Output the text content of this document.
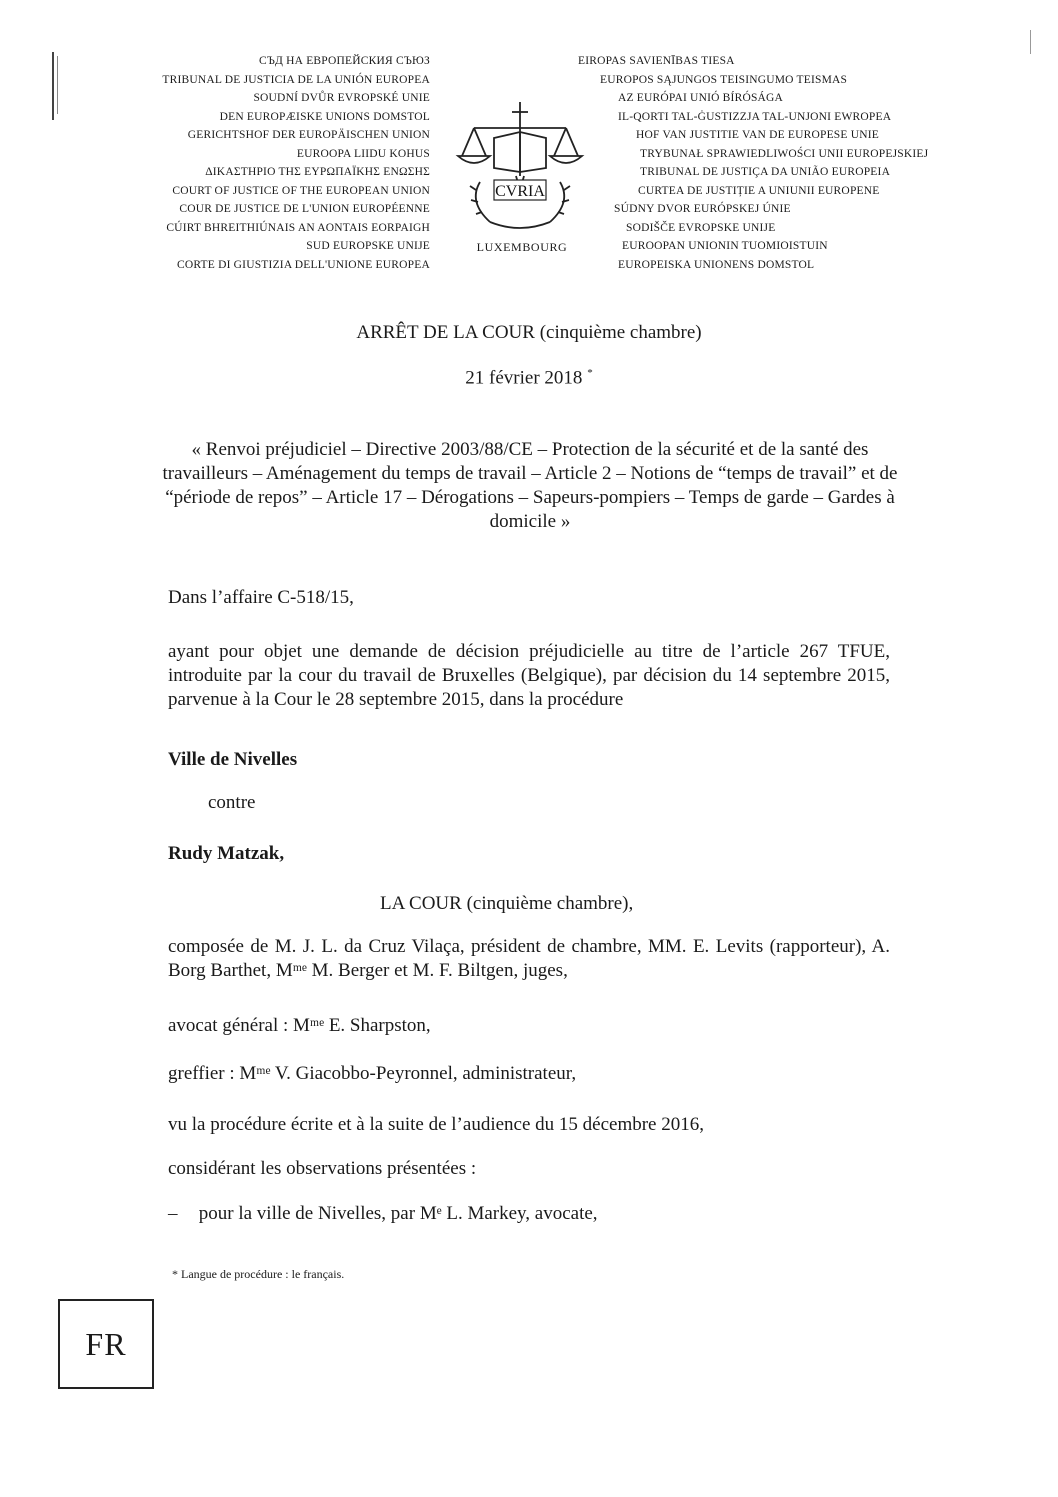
СЪД НА ЕВРОПЕЙСКИЯ СЪЮЗ
TRIBUNAL DE JUSTICIA DE LA UNIÓN EUROPEA
SOUDNÍ DVŮR EVROPSKÉ UNIE
DEN EUROPÆISKE UNIONS DOMSTOL
GERICHTSHOF DER EUROPÄISCHEN UNION
EUROOPA LIIDU KOHUS
ΔΙΚΑΣΤΗΡΙΟ ΤΗΣ ΕΥΡΩΠΑΪΚΗΣ ΕΝΩΣΗΣ
COURT OF JUSTICE OF THE EUROPEAN UNION
COUR DE JUSTICE DE L'UNION EUROPÉENNE
CÚIRT BHREITHIÚNAIS AN AONTAIS EORPAIGH
SUD EUROPSKE UNIJE
CORTE DI GIUSTIZIA DELL'UNIONE EUROPEA
CVRIA
LUXEMBOURG
EIROPAS SAVIENĪBAS TIESA
EUROPOS SĄJUNGOS TEISINGUMO TEISMAS
AZ EURÓPAI UNIÓ BÍRÓSÁGA
IL-QORTI TAL-ĠUSTIZZJA TAL-UNJONI EWROPEA
HOF VAN JUSTITIE VAN DE EUROPESE UNIE
TRYBUNAŁ SPRAWIEDLIWOŚCI UNII EUROPEJSKIEJ
TRIBUNAL DE JUSTIÇA DA UNIÃO EUROPEIA
CURTEA DE JUSTIȚIE A UNIUNII EUROPENE
SÚDNY DVOR EURÓPSKEJ ÚNIE
SODIŠČE EVROPSKE UNIJE
EUROOPAN UNIONIN TUOMIOISTUIN
EUROPEISKA UNIONENS DOMSTOL
ARRÊT DE LA COUR (cinquième chambre)
21 février 2018 *

« Renvoi préjudiciel – Directive 2003/88/CE – Protection de la sécurité et de la santé des travailleurs – Aménagement du temps de travail – Article 2 – Notions de “temps de travail” et de “période de repos” – Article 17 – Dérogations – Sapeurs-pompiers – Temps de garde – Gardes à domicile »

Dans l’affaire C-518/15,

ayant pour objet une demande de décision préjudicielle au titre de l’article 267 TFUE, introduite par la cour du travail de Bruxelles (Belgique), par décision du 14 septembre 2015, parvenue à la Cour le 28 septembre 2015, dans la procédure

Ville de Nivelles

contre

Rudy Matzak,

LA COUR (cinquième chambre),

composée de M. J. L. da Cruz Vilaça, président de chambre, MM. E. Levits (rapporteur), A. Borg Barthet, Mᵐᵉ M. Berger et M. F. Biltgen, juges,

avocat général : Mᵐᵉ E. Sharpston,

greffier : Mᵐᵉ V. Giacobbo-Peyronnel, administrateur,

vu la procédure écrite et à la suite de l’audience du 15 décembre 2016,

considérant les observations présentées :

– pour la ville de Nivelles, par Mᵉ L. Markey, avocate,
* Langue de procédure : le français.
FR
